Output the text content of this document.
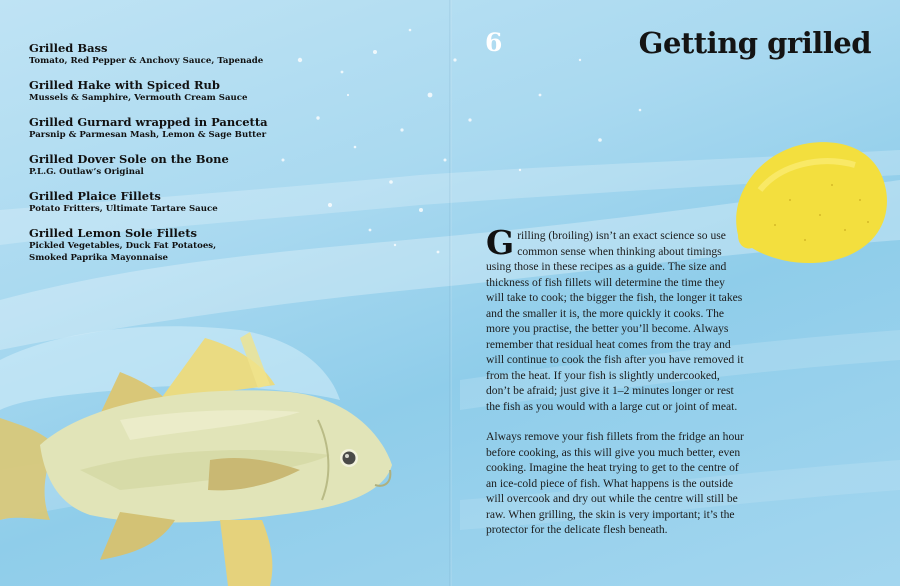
Grilled Bass
Tomato, Red Pepper & Anchovy Sauce, Tapenade
Grilled Hake with Spiced Rub
Mussels & Samphire, Vermouth Cream Sauce
Grilled Gurnard wrapped in Pancetta
Parsnip & Parmesan Mash, Lemon & Sage Butter
Grilled Dover Sole on the Bone
P.L.G. Outlaw’s Original
Grilled Plaice Fillets
Potato Fritters, Ultimate Tartare Sauce
Grilled Lemon Sole Fillets
Pickled Vegetables, Duck Fat Potatoes,
Smoked Paprika Mayonnaise
6	Getting grilled

Grilling (broiling) isn’t an exact science so use common sense when thinking about timings using those in these recipes as a guide. The size and thickness of fish fillets will determine the time they will take to cook; the bigger the fish, the longer it takes and the smaller it is, the more quickly it cooks. The more you practise, the better you’ll become. Always remember that residual heat comes from the tray and will continue to cook the fish after you have removed it from the heat. If your fish is slightly undercooked, don’t be afraid; just give it 1–2 minutes longer or rest the fish as you would with a large cut or joint of meat.

Always remove your fish fillets from the fridge an hour before cooking, as this will give you much better, even cooking. Imagine the heat trying to get to the centre of an ice-cold piece of fish. What happens is the outside will overcook and dry out while the centre will still be raw. When grilling, the skin is very important; it’s the protector for the delicate flesh beneath.
